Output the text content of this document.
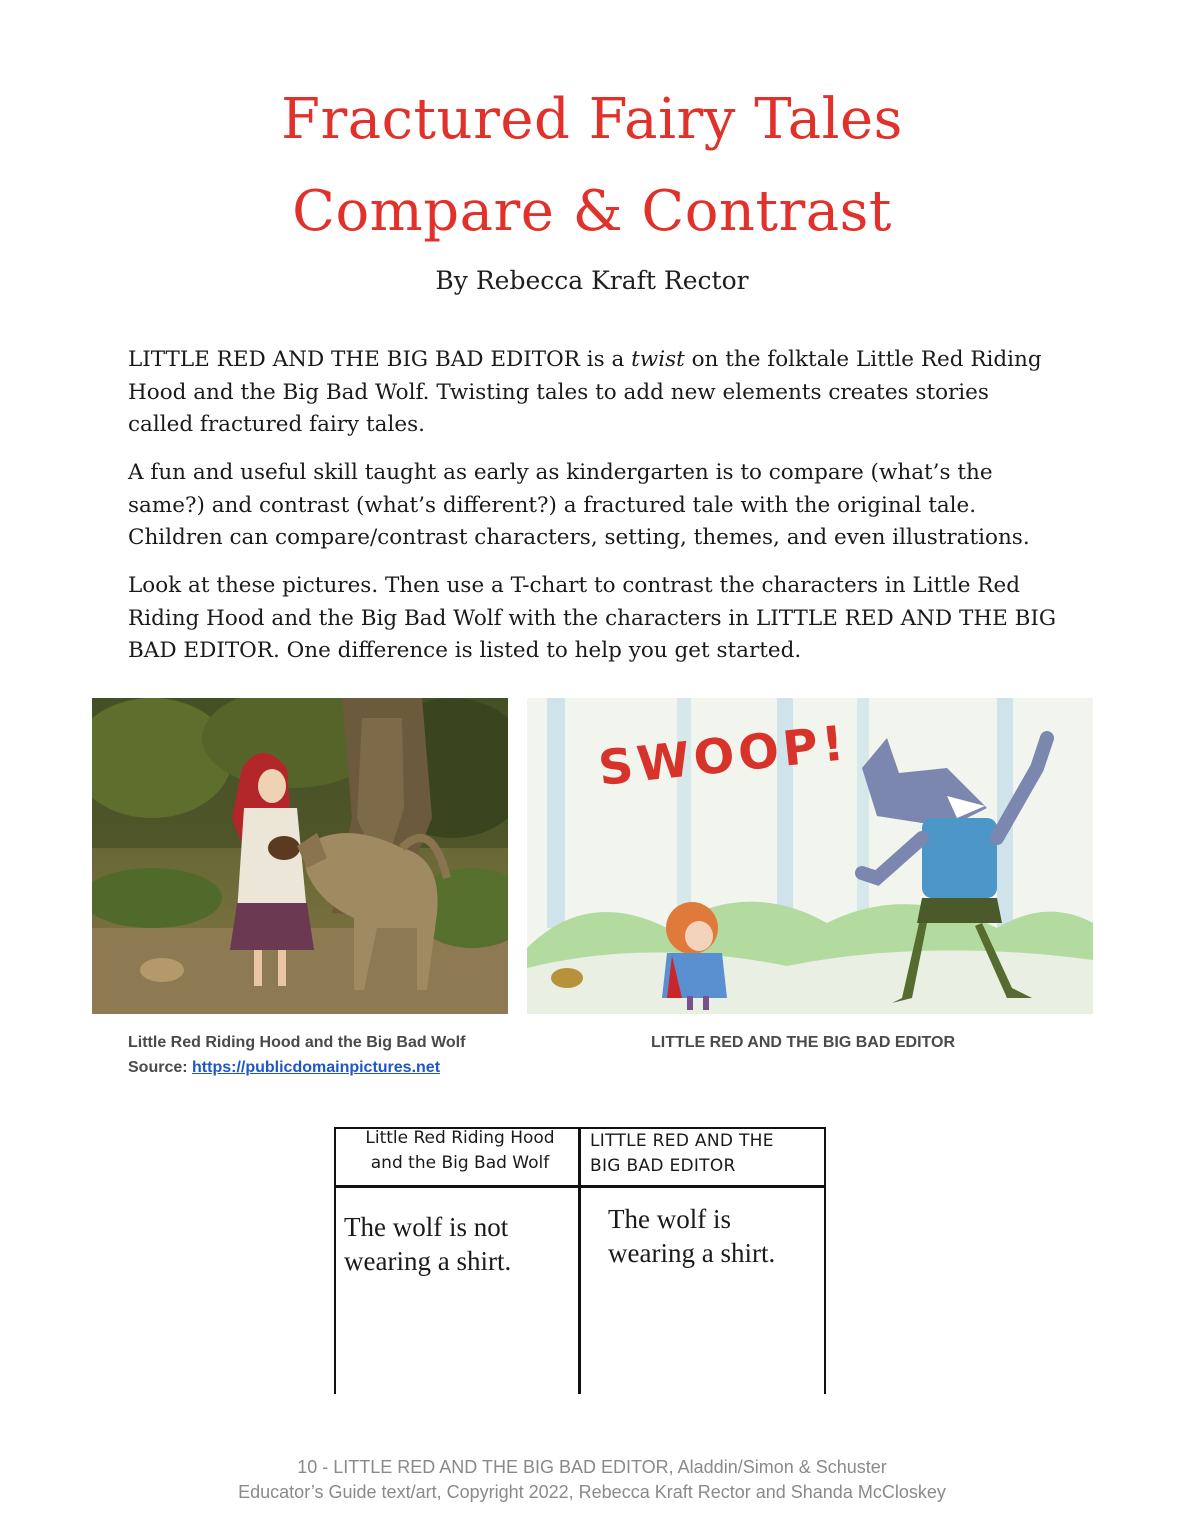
Fractured Fairy Tales
Compare & Contrast
By Rebecca Kraft Rector
LITTLE RED AND THE BIG BAD EDITOR is a twist on the folktale Little Red Riding Hood and the Big Bad Wolf. Twisting tales to add new elements creates stories called fractured fairy tales.
A fun and useful skill taught as early as kindergarten is to compare (what’s the same?) and contrast (what’s different?) a fractured tale with the original tale. Children can compare/contrast characters, setting, themes, and even illustrations.
Look at these pictures. Then use a T-chart to contrast the characters in Little Red Riding Hood and the Big Bad Wolf with the characters in LITTLE RED AND THE BIG BAD EDITOR. One difference is listed to help you get started.
SWOOP!
Little Red Riding Hood and the Big Bad Wolf
Source: https://publicdomainpictures.net
LITTLE RED AND THE BIG BAD EDITOR
Little Red Riding Hood
and the Big Bad Wolf
LITTLE RED AND THE
BIG BAD EDITOR
The wolf is not
wearing a shirt.
The wolf is
wearing a shirt.
10 - LITTLE RED AND THE BIG BAD EDITOR, Aladdin/Simon & Schuster
Educator’s Guide text/art, Copyright 2022, Rebecca Kraft Rector and Shanda McCloskey
